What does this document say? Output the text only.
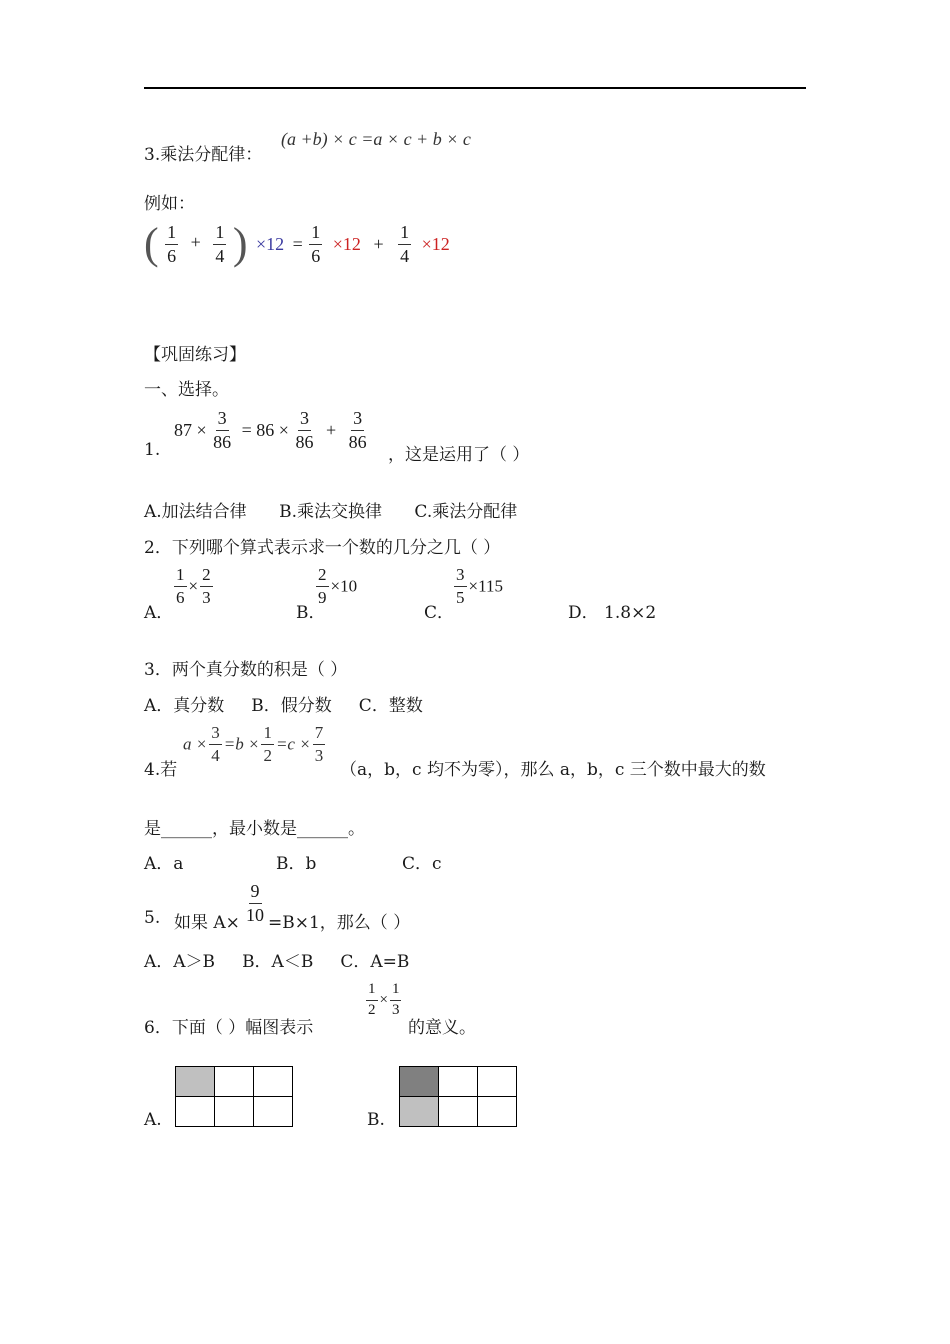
3.乘法分配律：
(a +b) × c =a × c + b × c
例如：
( $\frac{1}{6} + \frac{1}{4}$ ) $\times 12 = \frac{1}{6} \times 12 + \frac{1}{4} \times 12$
【巩固练习】
一、选择。
1.
$87 \times \frac{3}{86} = 86 \times \frac{3}{86} + \frac{3}{86}$
，这是运用了（ ）
A.加法结合律      B.乘法交换律      C.乘法分配律
2．下列哪个算式表示求一个数的几分之几（ ）
A．
$\frac{1}{6} \times \frac{2}{3}$
B．
$\frac{2}{9} \times 10$
C．
$\frac{3}{5} \times 115$
D． 1.8×2
3．两个真分数的积是（ ）
A．真分数     B．假分数     C．整数
4.若
$a \times \frac{3}{4} =b \times \frac{1}{2} =c \times \frac{7}{3}$
（a，b，c 均不为零），那么 a，b，c 三个数中最大的数
是______，最小数是______。
A．a	B．b	C．c
5. 如果 $A\times \frac{9}{10} =B\times 1$，那么（ ）
A．A＞B     B．A＜B     C．A=B
6．下面（ ）幅图表示
$\frac{1}{2} \times \frac{1}{3}$
的意义。
A.

			B.
